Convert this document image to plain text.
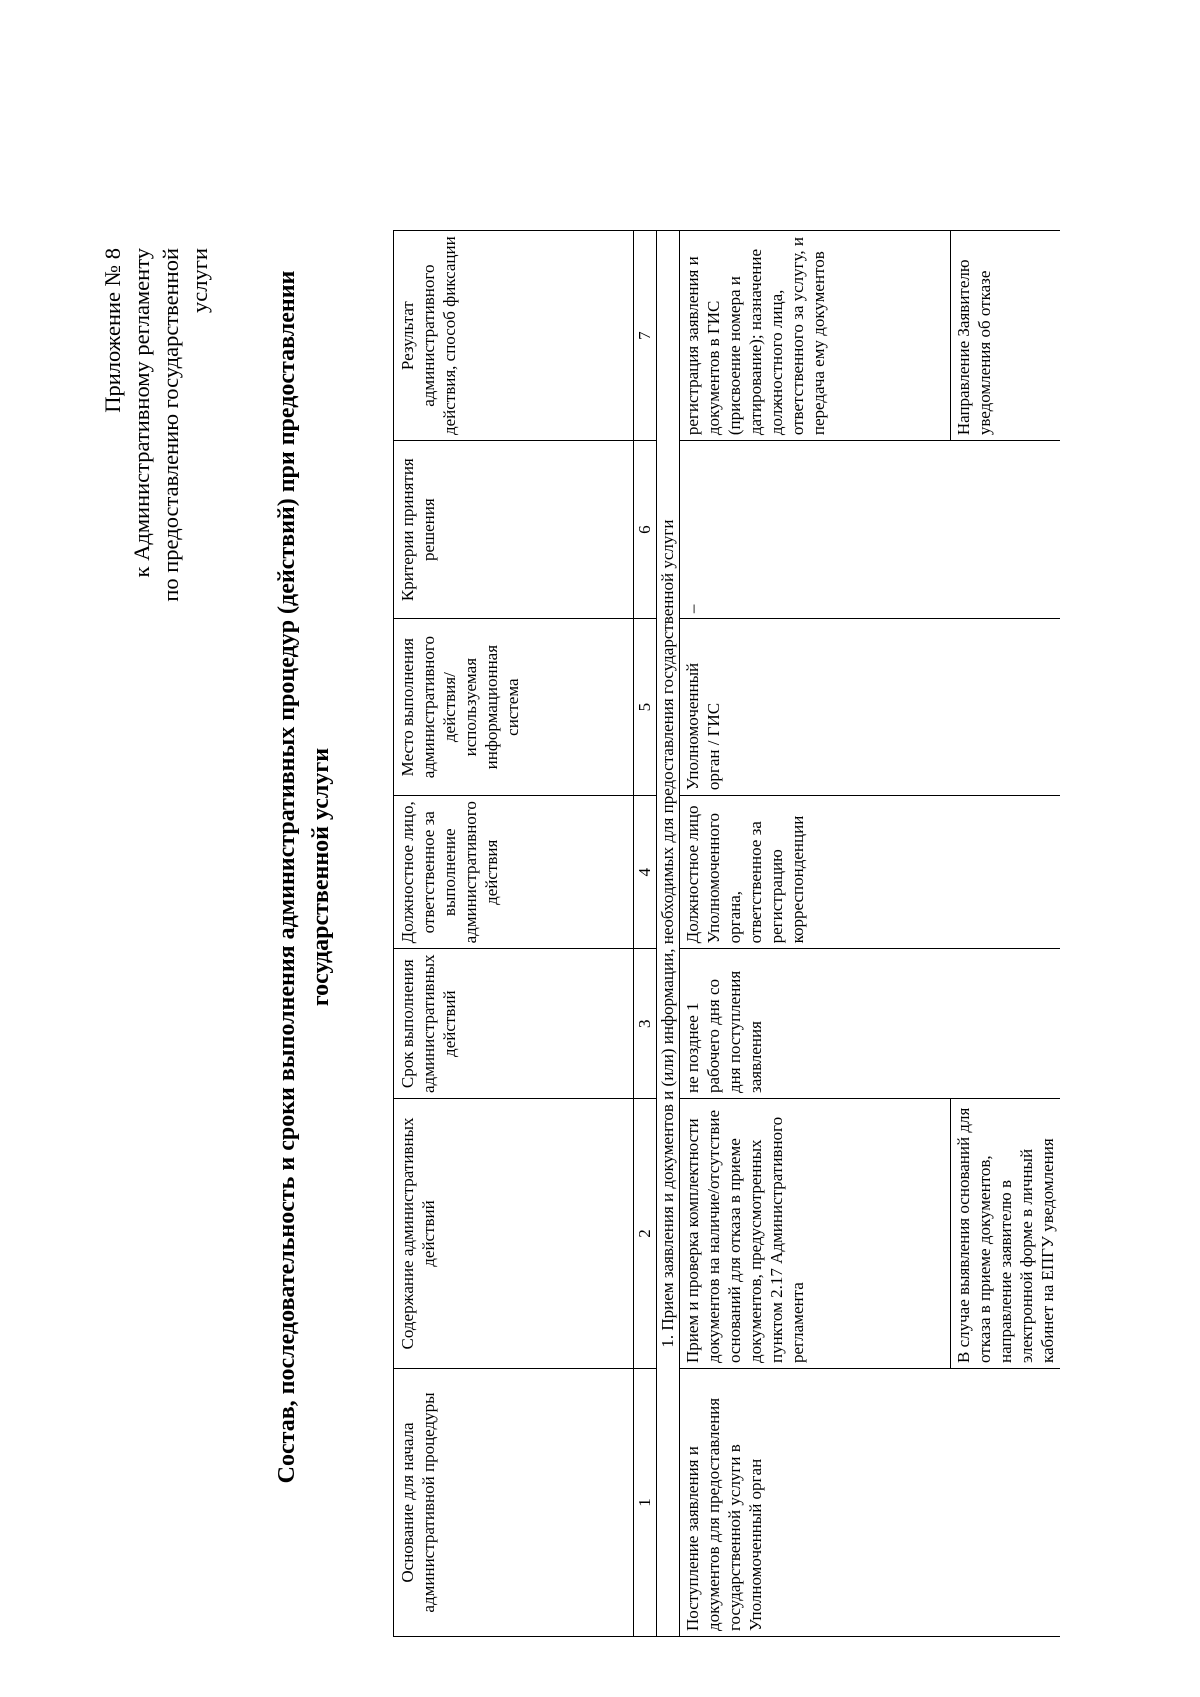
Приложение № 8 к Административному регламенту по предоставлению государственной услуги	Состав, последовательность и сроки выполнения административных процедур (действий) при предоставлении государственной услуги
Основание для начала административной процедуры	Содержание административных действий	Срок выполнения административных действий	Должностное лицо, ответственное за выполнение административного действия	Место выполнения административного действия/ используемая информационная система	Критерии принятия решения	Результат административного действия, способ фиксации
1	2	3	4	5	6	7
1. Прием заявления и документов и (или) информации, необходимых для предоставления государственной услуги						
Поступление заявления и документов для предоставления государственной услуги в Уполномоченный орган	Прием и проверка комплектности документов на наличие/отсутствие оснований для отказа в приеме документов, предусмотренных пунктом 2.17 Административного регламента	не позднее 1 рабочего дня со дня поступления заявления	Должностное лицо Уполномоченного органа, ответственное за регистрацию корреспонденции	Уполномоченный орган / ГИС	–	регистрация заявления и документов в ГИС (присвоение номера и датирование); назначение должностного лица, ответственного за услугу, и передача ему документов
	В случае выявления оснований для отказа в приеме документов, направление заявителю в электронной форме в личный кабинет на ЕПГУ уведомления					Направление Заявителю уведомления об отказе
